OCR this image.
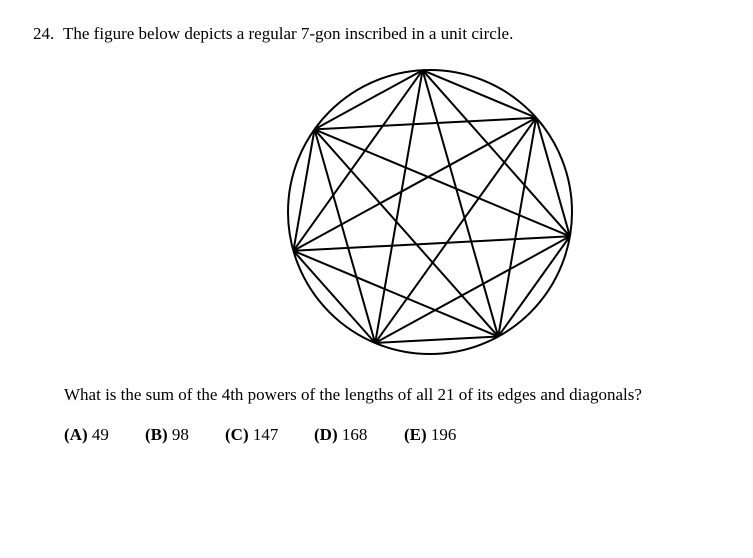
24. The figure below depicts a regular 7-gon inscribed in a unit circle.
What is the sum of the 4th powers of the lengths of all 21 of its edges and diagonals?
(A) 49 (B) 98 (C) 147 (D) 168 (E) 196
